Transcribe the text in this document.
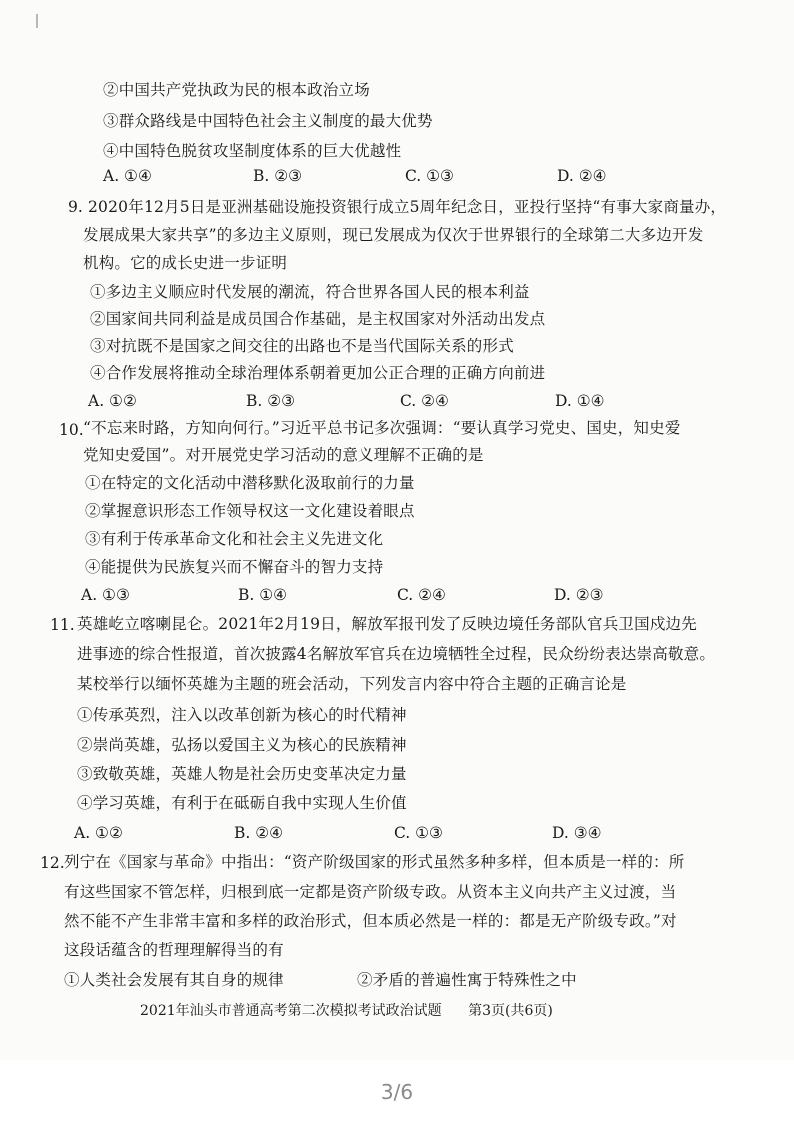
②中国共产党执政为民的根本政治立场
③群众路线是中国特色社会主义制度的最大优势
④中国特色脱贫攻坚制度体系的巨大优越性
A. ①④	B. ②③	C. ①③	D. ②④
9. 2020年12月5日是亚洲基础设施投资银行成立5周年纪念日，亚投行坚持“有事大家商量办，
发展成果大家共享”的多边主义原则，现已发展成为仅次于世界银行的全球第二大多边开发
机构。它的成长史进一步证明
①多边主义顺应时代发展的潮流，符合世界各国人民的根本利益
②国家间共同利益是成员国合作基础，是主权国家对外活动出发点
③对抗既不是国家之间交往的出路也不是当代国际关系的形式
④合作发展将推动全球治理体系朝着更加公正合理的正确方向前进
A. ①②	B. ②③	C. ②④	D. ①④
10. “不忘来时路，方知向何行。”习近平总书记多次强调：“要认真学习党史、国史，知史爱
党知史爱国”。对开展党史学习活动的意义理解不正确的是
①在特定的文化活动中潜移默化汲取前行的力量
②掌握意识形态工作领导权这一文化建设着眼点
③有利于传承革命文化和社会主义先进文化
④能提供为民族复兴而不懈奋斗的智力支持
A. ①③	B. ①④	C. ②④	D. ②③
11. 英雄屹立喀喇昆仑。2021年2月19日，解放军报刊发了反映边境任务部队官兵卫国戍边先
进事迹的综合性报道，首次披露4名解放军官兵在边境牺牲全过程，民众纷纷表达崇高敬意。
某校举行以缅怀英雄为主题的班会活动，下列发言内容中符合主题的正确言论是
①传承英烈，注入以改革创新为核心的时代精神
②崇尚英雄，弘扬以爱国主义为核心的民族精神
③致敬英雄，英雄人物是社会历史变革决定力量
④学习英雄，有利于在砥砺自我中实现人生价值
A. ①②	B. ②④	C. ①③	D. ③④
12. 列宁在《国家与革命》中指出：“资产阶级国家的形式虽然多种多样，但本质是一样的：所
有这些国家不管怎样，归根到底一定都是资产阶级专政。从资本主义向共产主义过渡，当
然不能不产生非常丰富和多样的政治形式，但本质必然是一样的：都是无产阶级专政。”对
这段话蕴含的哲理理解得当的有
①人类社会发展有其自身的规律	②矛盾的普遍性寓于特殊性之中
2021年汕头市普通高考第二次模拟考试政治试题 第3页(共6页)
3/6
